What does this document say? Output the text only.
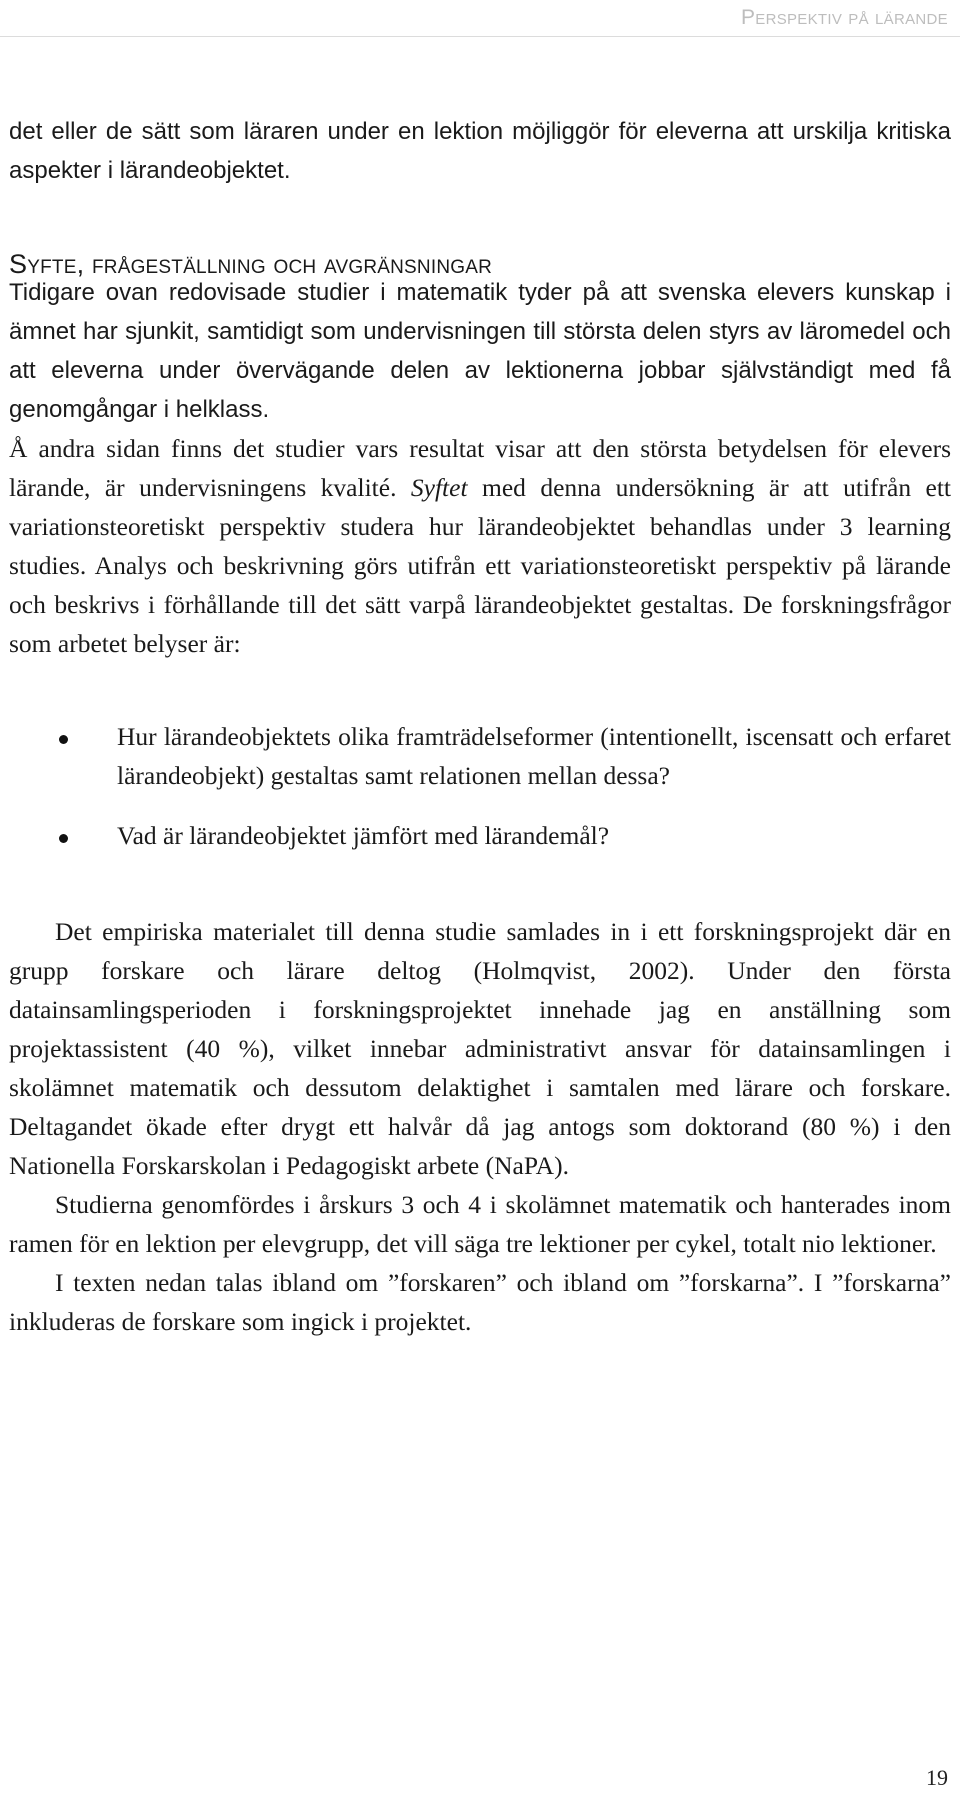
Perspektiv på lärande

det eller de sätt som läraren under en lektion möjliggör för eleverna att urskilja kritiska aspekter i lärandeobjektet.

Syfte, frågeställning och avgränsningar

Tidigare ovan redovisade studier i matematik tyder på att svenska elevers kunskap i ämnet har sjunkit, samtidigt som undervisningen till största delen styrs av läromedel och att eleverna under övervägande delen av lektionerna jobbar självständigt med få genomgångar i helklass.

Å andra sidan finns det studier vars resultat visar att den största betydelsen för elevers lärande, är undervisningens kvalité. Syftet med denna undersökning är att utifrån ett variationsteoretiskt perspektiv studera hur lärandeobjektet behandlas under 3 learning studies. Analys och beskrivning görs utifrån ett variationsteoretiskt perspektiv på lärande och beskrivs i förhållande till det sätt varpå lärandeobjektet gestaltas. De forskningsfrågor som arbetet belyser är:

Hur lärandeobjektets olika framträdelseformer (intentionellt, iscensatt och erfaret lärandeobjekt) gestaltas samt relationen mellan dessa?

Vad är lärandeobjektet jämfört med lärandemål?

Det empiriska materialet till denna studie samlades in i ett forskningsprojekt där en grupp forskare och lärare deltog (Holmqvist, 2002). Under den första datainsamlingsperioden i forskningsprojektet innehade jag en anställning som projektassistent (40 %), vilket innebar administrativt ansvar för datainsamlingen i skolämnet matematik och dessutom delaktighet i samtalen med lärare och forskare. Deltagandet ökade efter drygt ett halvår då jag antogs som doktorand (80 %) i den Nationella Forskarskolan i Pedagogiskt arbete (NaPA).

Studierna genomfördes i årskurs 3 och 4 i skolämnet matematik och hanterades inom ramen för en lektion per elevgrupp, det vill säga tre lektioner per cykel, totalt nio lektioner.

I texten nedan talas ibland om ”forskaren” och ibland om ”forskarna”. I ”forskarna” inkluderas de forskare som ingick i projektet.

19
